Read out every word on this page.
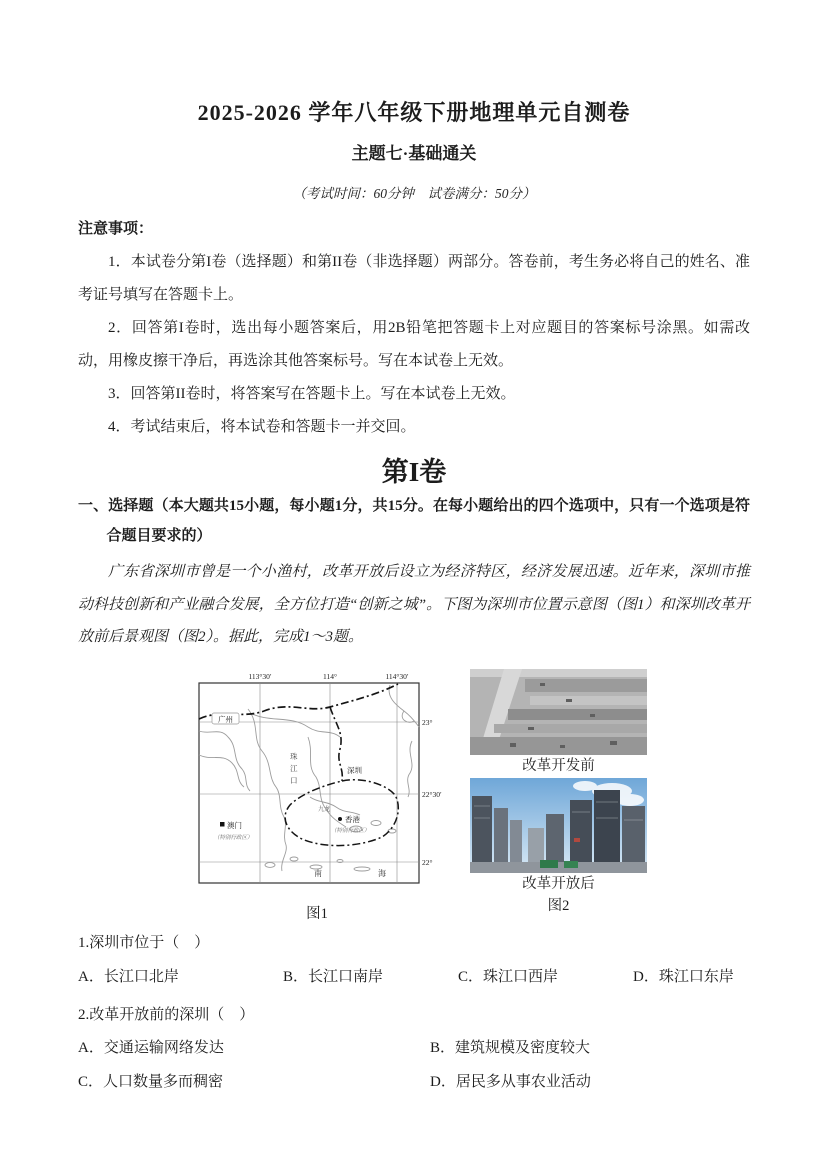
2025-2026 学年八年级下册地理单元自测卷
主题七·基础通关
（考试时间：60分钟　试卷满分：50分）
注意事项：

1．本试卷分第I卷（选择题）和第II卷（非选择题）两部分。答卷前，考生务必将自己的姓名、准考证号填写在答题卡上。

2．回答第I卷时，选出每小题答案后，用2B铅笔把答题卡上对应题目的答案标号涂黑。如需改动，用橡皮擦干净后，再选涂其他答案标号。写在本试卷上无效。

3．回答第II卷时，将答案写在答题卡上。写在本试卷上无效。

4．考试结束后，将本试卷和答题卡一并交回。

第I卷
一、选择题（本大题共15小题，每小题1分，共15分。在每小题给出的四个选项中，只有一个选项是符合题目要求的）

广东省深圳市曾是一个小渔村，改革开放后设立为经济特区，经济发展迅速。近年来，深圳市推动科技创新和产业融合发展，全方位打造“创新之城”。下图为深圳市位置示意图（图1）和深圳改革开放前后景观图（图2）。据此，完成1～3题。

113°30′	114°	114°30′
23°
22°30′
22°
广州
珠
江
口
深圳
九龙
香港
（特别行政区）
澳门
（特别行政区）
南	海
图1
改革开发前
改革开放后
图2
1.深圳市位于（　）
A．长江口北岸	B．长江口南岸	C．珠江口西岸	D．珠江口东岸
2.改革开放前的深圳（　）
A．交通运输网络发达	B．建筑规模及密度较大
C．人口数量多而稠密	D．居民多从事农业活动
